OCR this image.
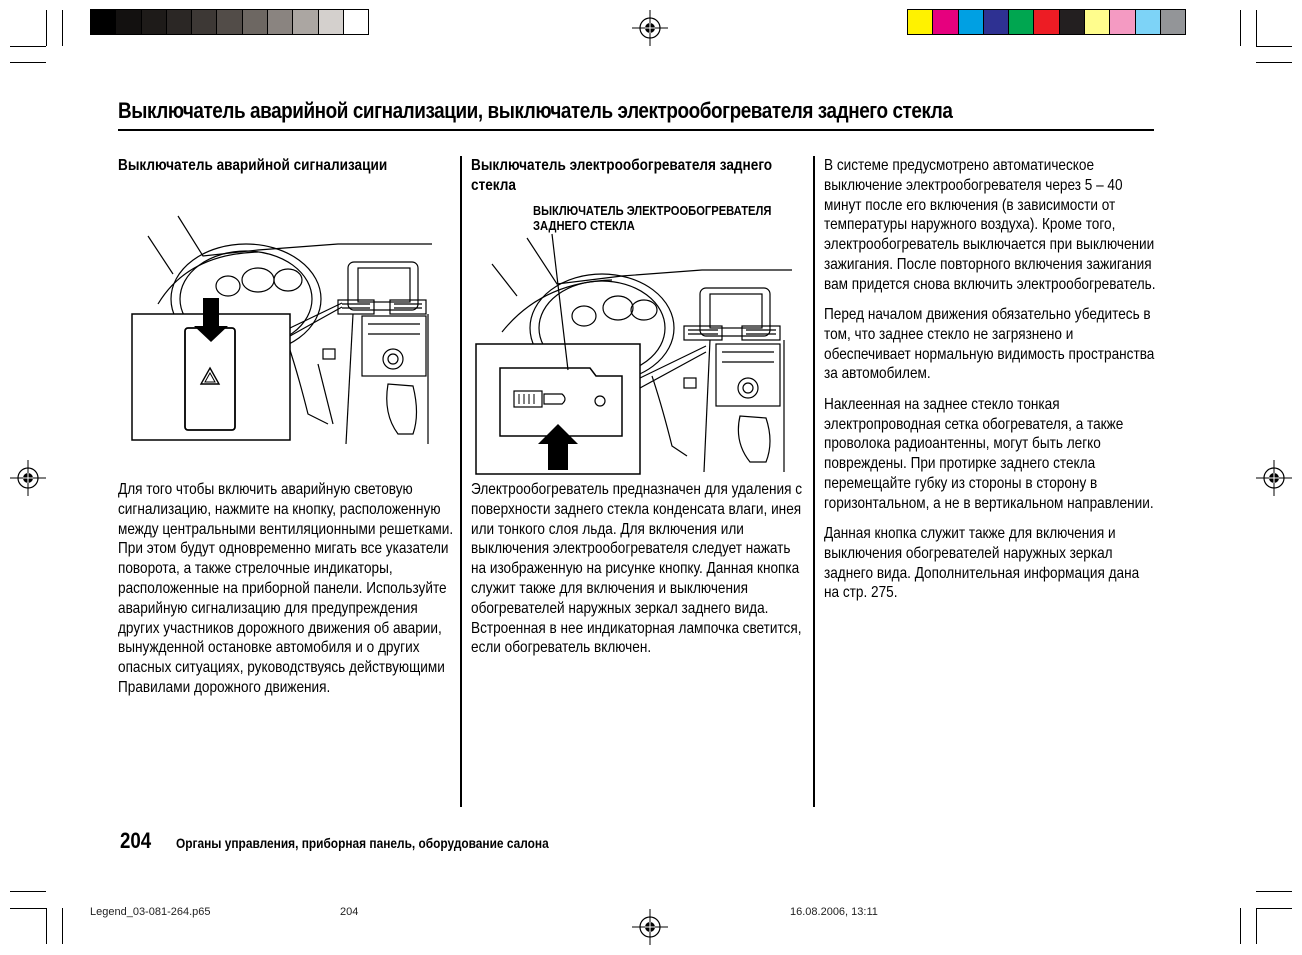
Выключатель аварийной сигнализации, выключатель электрообогревателя заднего стекла
Выключатель аварийной сигнализации

Для того чтобы включить аварийную световую сигнализацию, нажмите на кнопку, расположенную между центральными вентиляционными решетками. При этом будут одновременно мигать все указатели поворота, а также стрелочные индикаторы, расположенные на приборной панели. Используйте аварийную сигнализацию для предупреждения других участников дорожного движения об аварии, вынужденной остановке автомобиля и о других опасных ситуациях, руководствуясь действующими Правилами дорожного движения.

Выключатель электрообогревателя заднего стекла
ВЫКЛЮЧАТЕЛЬ ЭЛЕКТРООБОГРЕВАТЕЛЯ ЗАДНЕГО СТЕКЛА

Электрообогреватель предназначен для удаления с поверхности заднего стекла конденсата влаги, инея или тонкого слоя льда. Для включения или выключения электрообогревателя следует нажать на изображенную на рисунке кнопку. Данная кнопка служит также для включения и выключения обогревателей наружных зеркал заднего вида. Встроенная в нее индикаторная лампочка светится, если обогреватель включен.

В системе предусмотрено автоматическое выключение электрообогревателя через 5 – 40 минут после его включения (в зависимости от температуры наружного воздуха). Кроме того, электрообогреватель выключается при выключении зажигания. После повторного включения зажигания вам придется снова включить электрообогреватель.

Перед началом движения обязательно убедитесь в том, что заднее стекло не загрязнено и обеспечивает нормальную видимость пространства за автомобилем.

Наклеенная на заднее стекло тонкая электропроводная сетка обогревателя, а также проволока радиоантенны, могут быть легко повреждены. При протирке заднего стекла перемещайте губку из стороны в сторону в горизонтальном, а не в вертикальном направлении.

Данная кнопка служит также для включения и выключения обогревателей наружных зеркал заднего вида. Дополнительная информация дана на стр. 275.

204 Органы управления, приборная панель, оборудование салона
Legend_03-081-264.p65	204	16.08.2006, 13:11
